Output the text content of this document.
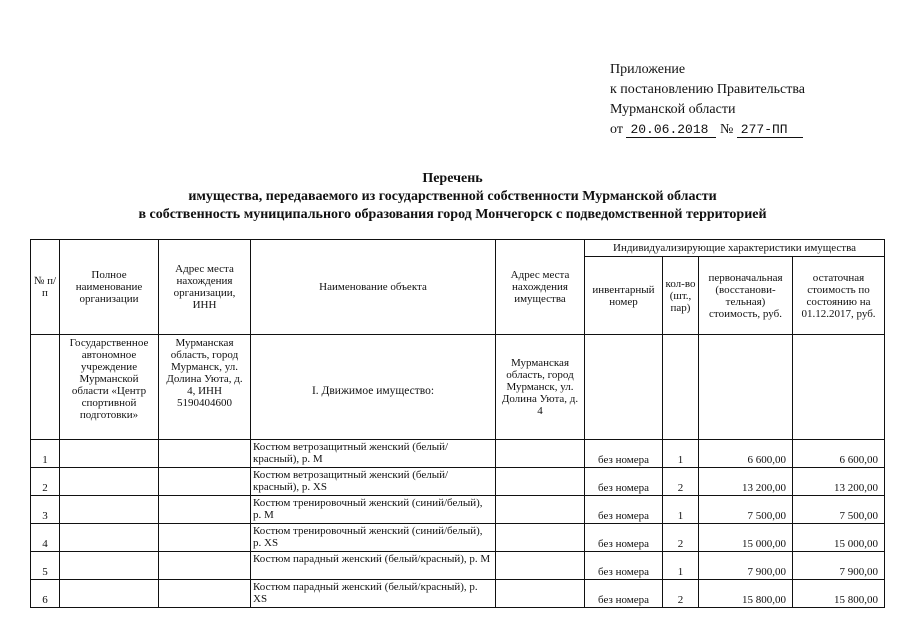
Приложение
к постановлению Правительства
Мурманской области
от 20.06.2018 № 277-ПП
Перечень
имущества, передаваемого из государственной собственности Мурманской области
в собственность муниципального образования город Мончегорск с подведомственной территорией
№ п/п	Полное наименование организации	Адрес места нахождения организации, ИНН	Наименование объекта	Адрес места нахождения имущества	Индивидуализирующие характеристики имущества			
					инвентарный номер	кол-во (шт., пар)	первоначальная (восстанови-тельная) стоимость, руб.	остаточная стоимость по состоянию на 01.12.2017, руб.
	Государственное автономное учреждение Мурманской области «Центр спортивной подготовки»	Мурманская область, город Мурманск, ул. Долина Уюта, д. 4, ИНН 5190404600	I. Движимое имущество:	Мурманская область, город Мурманск, ул. Долина Уюта, д. 4				
1			Костюм ветрозащитный женский (белый/красный), р. М		без номера	1	6 600,00	6 600,00
2			Костюм ветрозащитный женский (белый/красный), р. XS		без номера	2	13 200,00	13 200,00
3			Костюм тренировочный женский (синий/белый), р. М		без номера	1	7 500,00	7 500,00
4			Костюм тренировочный женский (синий/белый), р. XS		без номера	2	15 000,00	15 000,00
5			Костюм парадный женский (белый/красный), р. М		без номера	1	7 900,00	7 900,00
6			Костюм парадный женский (белый/красный), р. XS		без номера	2	15 800,00	15 800,00
